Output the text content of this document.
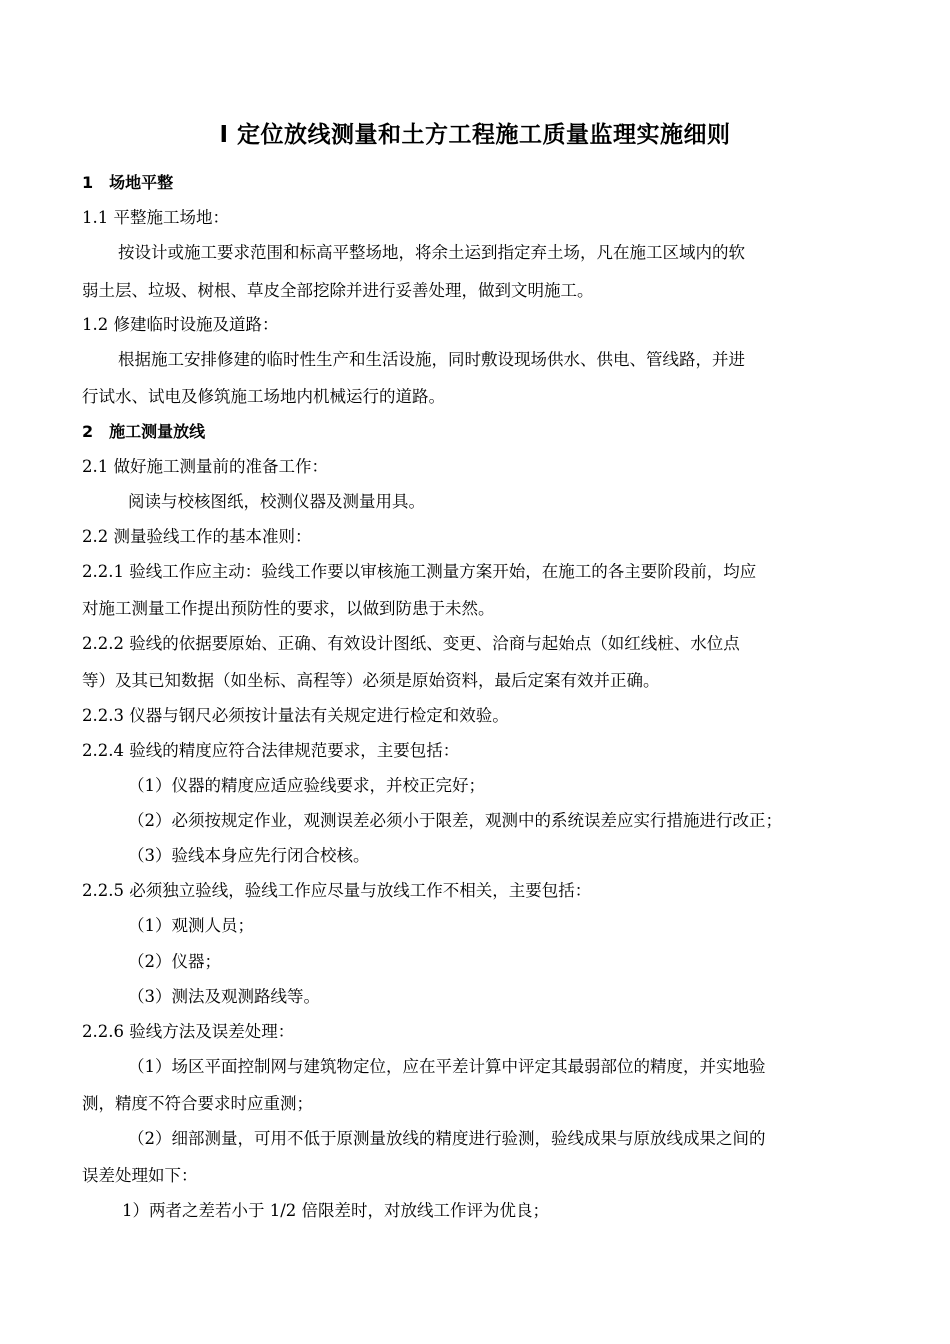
Ⅰ 定位放线测量和土方工程施工质量监理实施细则
1　场地平整
1.1 平整施工场地：
按设计或施工要求范围和标高平整场地，将余土运到指定弃土场，凡在施工区域内的软
弱土层、垃圾、树根、草皮全部挖除并进行妥善处理，做到文明施工。
1.2 修建临时设施及道路：
根据施工安排修建的临时性生产和生活设施，同时敷设现场供水、供电、管线路，并进
行试水、试电及修筑施工场地内机械运行的道路。
2　施工测量放线
2.1 做好施工测量前的准备工作：
阅读与校核图纸，校测仪器及测量用具。
2.2 测量验线工作的基本准则：
2.2.1 验线工作应主动：验线工作要以审核施工测量方案开始，在施工的各主要阶段前，均应
对施工测量工作提出预防性的要求，以做到防患于未然。
2.2.2 验线的依据要原始、正确、有效设计图纸、变更、洽商与起始点（如红线桩、水位点
等）及其已知数据（如坐标、高程等）必须是原始资料，最后定案有效并正确。
2.2.3 仪器与钢尺必须按计量法有关规定进行检定和效验。
2.2.4 验线的精度应符合法律规范要求，主要包括：
（1）仪器的精度应适应验线要求，并校正完好；
（2）必须按规定作业，观测误差必须小于限差，观测中的系统误差应实行措施进行改正；
（3）验线本身应先行闭合校核。
2.2.5 必须独立验线，验线工作应尽量与放线工作不相关，主要包括：
（1）观测人员；
（2）仪器；
（3）测法及观测路线等。
2.2.6 验线方法及误差处理：
（1）场区平面控制网与建筑物定位，应在平差计算中评定其最弱部位的精度，并实地验
测，精度不符合要求时应重测；
（2）细部测量，可用不低于原测量放线的精度进行验测，验线成果与原放线成果之间的
误差处理如下：
1）两者之差若小于 1/2 倍限差时，对放线工作评为优良；
